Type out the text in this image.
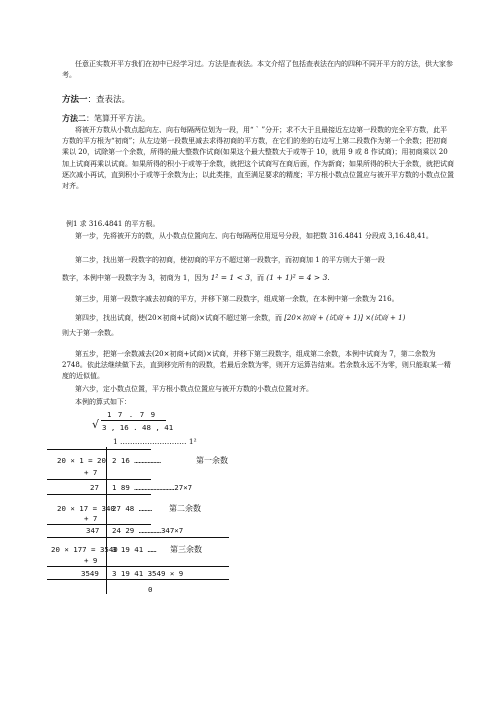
任意正实数开平方我们在初中已经学习过。方法是查表法。本文介绍了包括查表法在内的四种不同开平方的方法，供大家参考。

方法一：查表法。

方法二：笔算开平方法。

将被开方数从小数点起向左、向右每隔两位划为一段，用“ ` ”分开；求不大于且最接近左边第一段数的完全平方数，此平方数的平方根为“初商”；从左边第一段数里减去求得初商的平方数，在它们的差的右边写上第二段数作为第一个余数；把初商乘以 20，试除第一个余数，所得的最大整数作试商(如果这个最大整数大于或等于 10，就用 9 或 8 作试商)；用初商乘以 20 加上试商再乘以试商。如果所得的积小于或等于余数，就把这个试商写在商后面，作为新商；如果所得的积大于余数，就把试商逐次减小再试，直到积小于或等于余数为止；以此类推，直至满足要求的精度；平方根小数点位置应与被开平方数的小数点位置对齐。

例1 求 316.4841 的平方根。

第一步，先将被开方的数，从小数点位置向左、向右每隔两位用逗号分段，如把数 316.4841 分段成 3,16.48,41。

第二步，找出第一段数字的初商，使初商的平方不超过第一段数字，而初商加 1 的平方则大于第一段

数字，本例中第一段数字为 3，初商为 1，因为 1² = 1 < 3，而 (1 + 1)² = 4 > 3.

第三步，用第一段数字减去初商的平方，并移下第二段数字，组成第一余数，在本例中第一余数为 216。

第四步，找出试商，使(20×初商+试商)×试商不超过第一余数，而 [20×初商 + (试商 + 1)] ×(试商 + 1)

则大于第一余数。

第五步，把第一余数减去(20×初商+试商)×试商，并移下第三段数字，组成第二余数，本例中试商为 7，第二余数为 2748。依此法继续做下去，直到移完所有的段数，若最后余数为零，则开方运算告结束。若余数永远不为零，则只能取某一精度的近似值。

第六步，定小数点位置，平方根小数点位置应与被开方数的小数点位置对齐。

本例的算式如下：

1 7 . 7 9
√ 3 , 16 . 48 , 41
1 ……………………… 1²
20 × 1 = 20
+ 7
27
2 16 ………………	第一余数
1 89 ………………………27×7
20 × 17 = 340
+ 7
347
27 48 ……… 第二余数
24 29 ……………347×7
20 × 177 = 3540
+ 9
3549
3 19 41 …… 第三余数
3 19 41 3549 × 9
0
